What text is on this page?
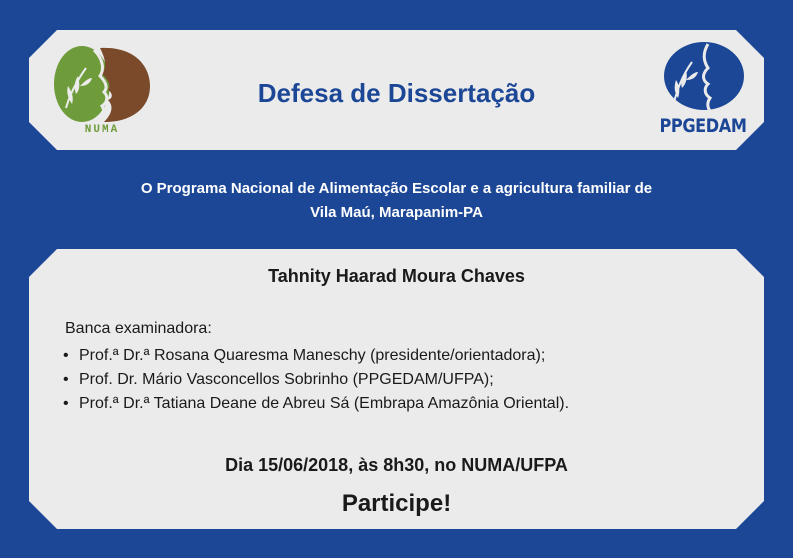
NUMA
Defesa de Dissertação
PPGEDAM
O Programa Nacional de Alimentação Escolar e a agricultura familiar de
Vila Maú, Marapanim-PA
Tahnity Haarad Moura Chaves
Banca examinadora:
• Prof.ª Dr.ª Rosana Quaresma Maneschy (presidente/orientadora);
• Prof. Dr. Mário Vasconcellos Sobrinho (PPGEDAM/UFPA);
• Prof.ª Dr.ª Tatiana Deane de Abreu Sá (Embrapa Amazônia Oriental).
Dia 15/06/2018, às 8h30, no NUMA/UFPA
Participe!
